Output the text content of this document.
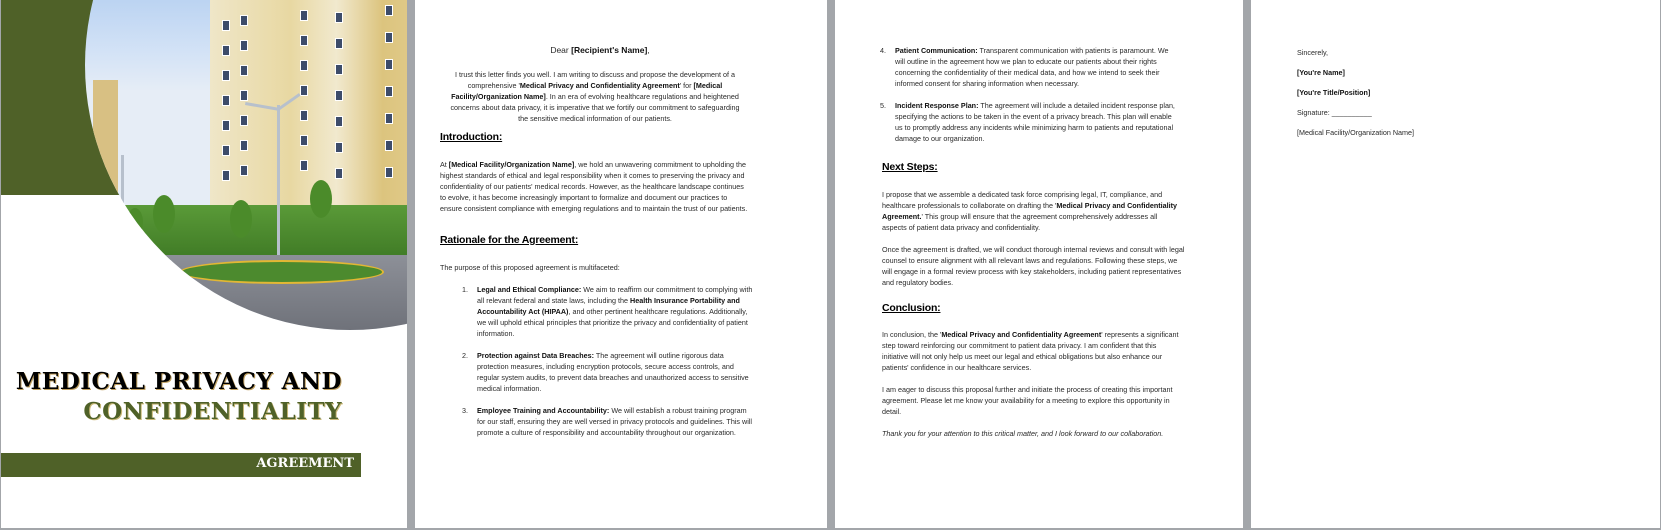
MEDICAL PRIVACY AND
CONFIDENTIALITY
AGREEMENT
Dear [Recipient's Name],
I trust this letter finds you well. I am writing to discuss and propose the development of a comprehensive 'Medical Privacy and Confidentiality Agreement' for [Medical Facility/Organization Name]. In an era of evolving healthcare regulations and heightened concerns about data privacy, it is imperative that we fortify our commitment to safeguarding the sensitive medical information of our patients.
Introduction:
At [Medical Facility/Organization Name], we hold an unwavering commitment to upholding the highest standards of ethical and legal responsibility when it comes to preserving the privacy and confidentiality of our patients' medical records. However, as the healthcare landscape continues to evolve, it has become increasingly important to formalize and document our practices to ensure consistent compliance with emerging regulations and to maintain the trust of our patients.
Rationale for the Agreement:
The purpose of this proposed agreement is multifaceted:
1. Legal and Ethical Compliance: We aim to reaffirm our commitment to complying with all relevant federal and state laws, including the Health Insurance Portability and Accountability Act (HIPAA), and other pertinent healthcare regulations. Additionally, we will uphold ethical principles that prioritize the privacy and confidentiality of patient information.
2. Protection against Data Breaches: The agreement will outline rigorous data protection measures, including encryption protocols, secure access controls, and regular system audits, to prevent data breaches and unauthorized access to sensitive medical information.
3. Employee Training and Accountability: We will establish a robust training program for our staff, ensuring they are well versed in privacy protocols and guidelines. This will promote a culture of responsibility and accountability throughout our organization.
4. Patient Communication: Transparent communication with patients is paramount. We will outline in the agreement how we plan to educate our patients about their rights concerning the confidentiality of their medical data, and how we intend to seek their informed consent for sharing information when necessary.
5. Incident Response Plan: The agreement will include a detailed incident response plan, specifying the actions to be taken in the event of a privacy breach. This plan will enable us to promptly address any incidents while minimizing harm to patients and reputational damage to our organization.
Next Steps:
I propose that we assemble a dedicated task force comprising legal, IT, compliance, and healthcare professionals to collaborate on drafting the 'Medical Privacy and Confidentiality Agreement.' This group will ensure that the agreement comprehensively addresses all aspects of patient data privacy and confidentiality.
Once the agreement is drafted, we will conduct thorough internal reviews and consult with legal counsel to ensure alignment with all relevant laws and regulations. Following these steps, we will engage in a formal review process with key stakeholders, including patient representatives and regulatory bodies.
Conclusion:
In conclusion, the 'Medical Privacy and Confidentiality Agreement' represents a significant step toward reinforcing our commitment to patient data privacy. I am confident that this initiative will not only help us meet our legal and ethical obligations but also enhance our patients' confidence in our healthcare services.
I am eager to discuss this proposal further and initiate the process of creating this important agreement. Please let me know your availability for a meeting to explore this opportunity in detail.
Thank you for your attention to this critical matter, and I look forward to our collaboration.

Sincerely,

[You're Name]

[You're Title/Position]

Signature: __________

[Medical Facility/Organization Name]
